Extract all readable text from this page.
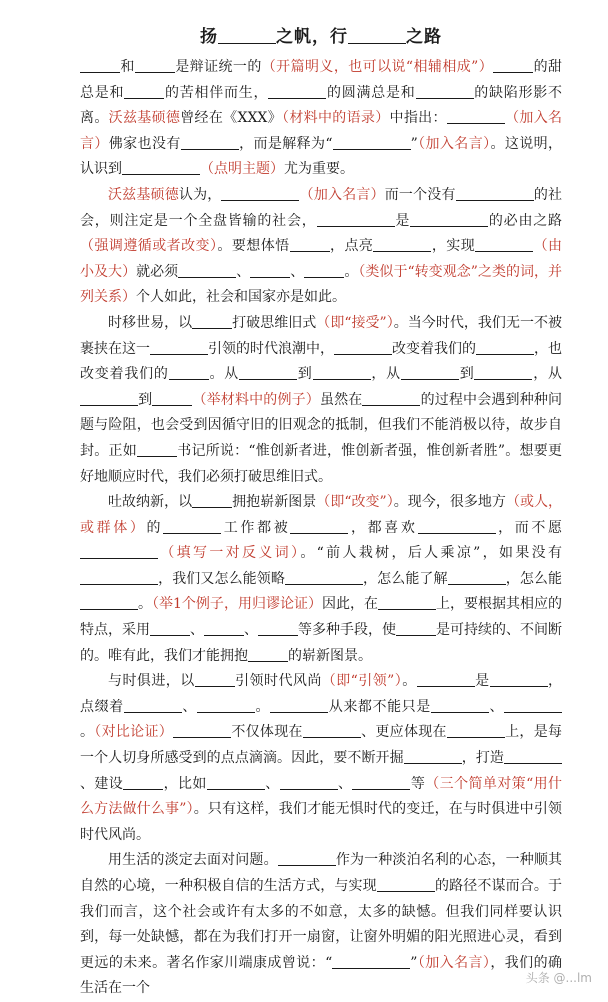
扬	之帆，行	之路

和	是辩证统一的（开篇明义，也可以说“相辅相成”）	的甜总是和	的苦相伴而生，	的圆满总是和	的缺陷形影不离。沃兹基硕德曾经在《XXX》（材料中的语录）中指出：	（加入名言）佛家也没有	，而是解释为“	”（加入名言）。这说明，认识到	（点明主题）尤为重要。

沃兹基硕德认为，	（加入名言）而一个没有	的社会，则注定是一个全盘皆输的社会，	是	的必由之路（强调遵循或者改变）。要想体悟	，点亮	，实现	（由小及大）就必须	、	、	。（类似于“转变观念”之类的词，并列关系）个人如此，社会和国家亦是如此。

时移世易，以	打破思维旧式（即“接受”）。当今时代，我们无一不被裹挟在这一	引领的时代浪潮中，	改变着我们的	，也改变着我们的	。从	到	，从	到	，从到	（举材料中的例子）虽然在	的过程中会遇到种种问题与险阻，也会受到因循守旧的旧观念的抵制，但我们不能消极以待，故步自封。正如	书记所说：“惟创新者进，惟创新者强，惟创新者胜”。想要更好地顺应时代，我们必须打破思维旧式。

吐故纳新，以	拥抱崭新图景（即“改变”）。现今，很多地方（或人，或群体）的	工作都被	，都喜欢	，而不愿（填写一对反义词）。“前人栽树，后人乘凉”，如果没有，我们又怎么能领略	，怎么能了解	，怎么能。（举1个例子，用归谬论证）因此，在	上，要根据其相应的特点，采用	、	、	等多种手段，使	是可持续的、不间断的。唯有此，我们才能拥抱	的崭新图景。

与时俱进，以	引领时代风尚（即“引领”）。	是	，点缀着	、	。	从来都不能只是	、。（对比论证）	不仅体现在	、更应体现在	上，是每一个人切身所感受到的点点滴滴。因此，要不断开掘	，打造、建设	，比如	、	、	等（三个简单对策“用什么方法做什么事”）。只有这样，我们才能无惧时代的变迁，在与时俱进中引领时代风尚。

用生活的淡定去面对问题。	作为一种淡泊名利的心态，一种顺其自然的心境，一种积极自信的生活方式，与实现	的路径不谋而合。于我们而言，这个社会或许有太多的不如意，太多的缺憾。但我们同样要认识到，每一处缺憾，都在为我们打开一扇窗，让窗外明媚的阳光照进心灵，看到更远的未来。著名作家川端康成曾说：“	”（加入名言），我们的确生活在一个

头条 @...lm
